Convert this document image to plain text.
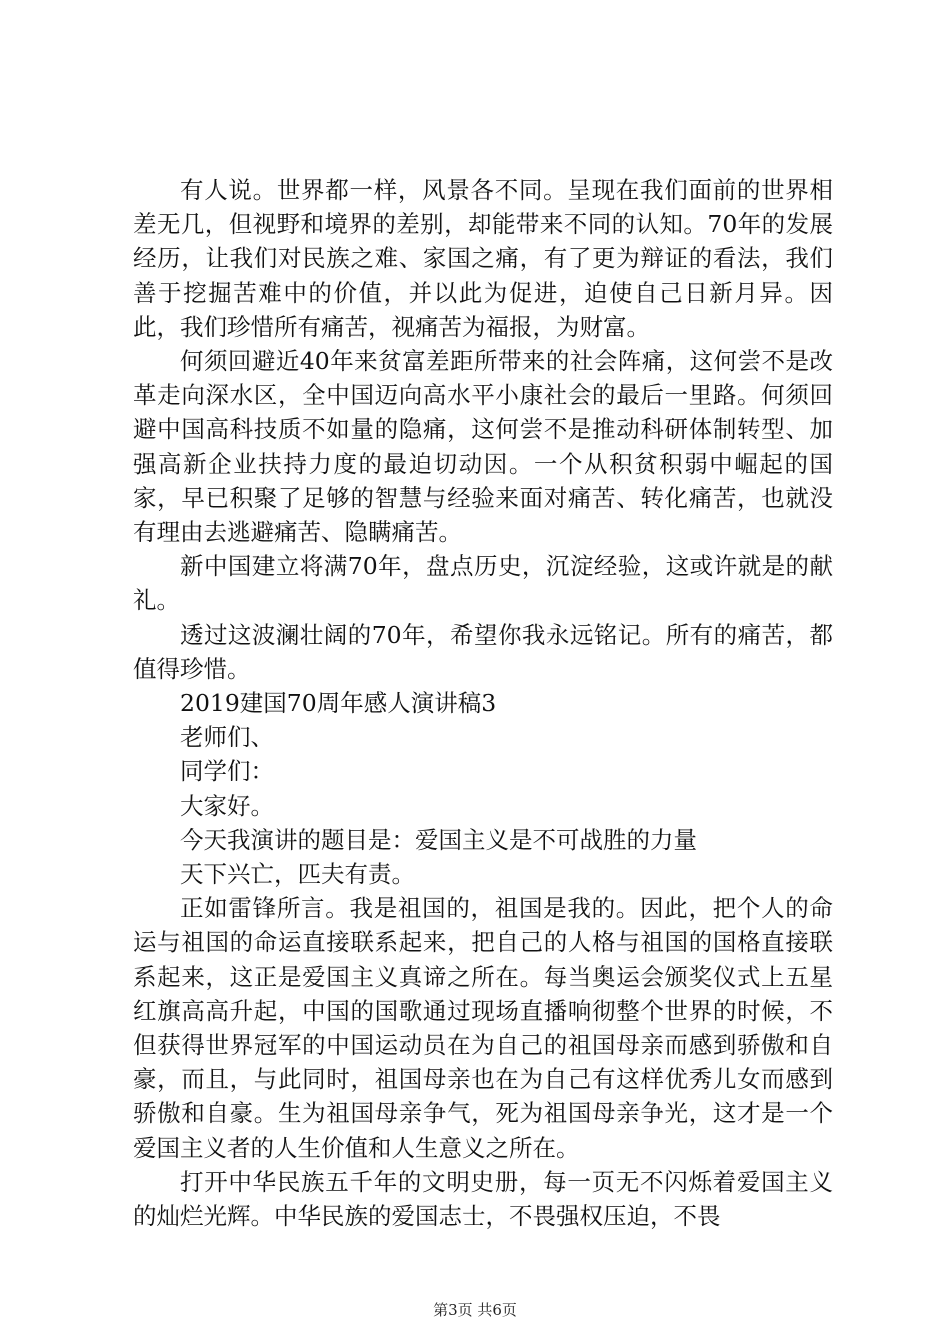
有人说。世界都一样，风景各不同。呈现在我们面前的世界相差无几，但视野和境界的差别，却能带来不同的认知。70年的发展经历，让我们对民族之难、家国之痛，有了更为辩证的看法，我们善于挖掘苦难中的价值，并以此为促进，迫使自己日新月异。因此，我们珍惜所有痛苦，视痛苦为福报，为财富。

何须回避近40年来贫富差距所带来的社会阵痛，这何尝不是改革走向深水区，全中国迈向高水平小康社会的最后一里路。何须回避中国高科技质不如量的隐痛，这何尝不是推动科研体制转型、加强高新企业扶持力度的最迫切动因。一个从积贫积弱中崛起的国家，早已积聚了足够的智慧与经验来面对痛苦、转化痛苦，也就没有理由去逃避痛苦、隐瞒痛苦。

新中国建立将满70年，盘点历史，沉淀经验，这或许就是的献礼。

透过这波澜壮阔的70年，希望你我永远铭记。所有的痛苦，都值得珍惜。

2019建国70周年感人演讲稿3

老师们、

同学们：

大家好。

今天我演讲的题目是：爱国主义是不可战胜的力量

天下兴亡，匹夫有责。

正如雷锋所言。我是祖国的，祖国是我的。因此，把个人的命运与祖国的命运直接联系起来，把自己的人格与祖国的国格直接联系起来，这正是爱国主义真谛之所在。每当奥运会颁奖仪式上五星红旗高高升起，中国的国歌通过现场直播响彻整个世界的时候，不但获得世界冠军的中国运动员在为自己的祖国母亲而感到骄傲和自豪，而且，与此同时，祖国母亲也在为自己有这样优秀儿女而感到骄傲和自豪。生为祖国母亲争气，死为祖国母亲争光，这才是一个爱国主义者的人生价值和人生意义之所在。

打开中华民族五千年的文明史册，每一页无不闪烁着爱国主义的灿烂光辉。中华民族的爱国志士，不畏强权压迫，不畏

第3页 共6页
